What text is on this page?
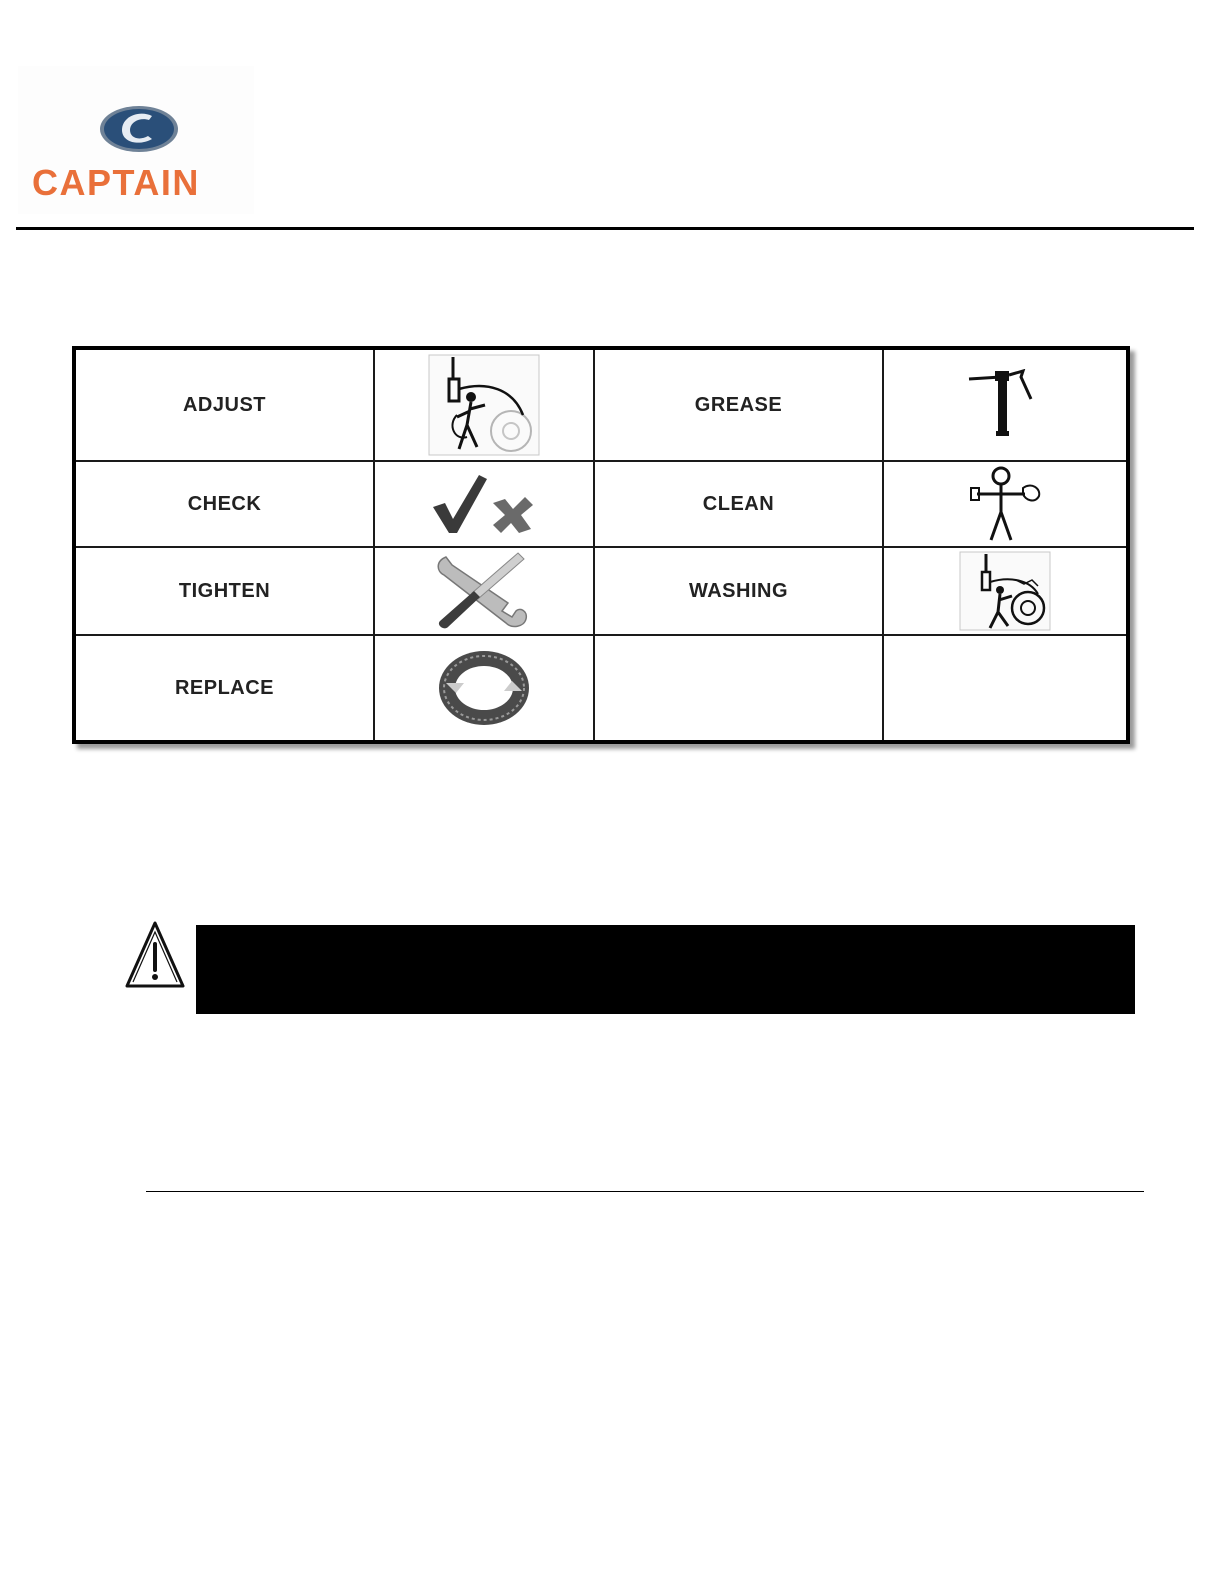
CAPTAIN
ADJUST		GREASE	

CHECK		CLEAN	

TIGHTEN		WASHING	

REPLACE	
